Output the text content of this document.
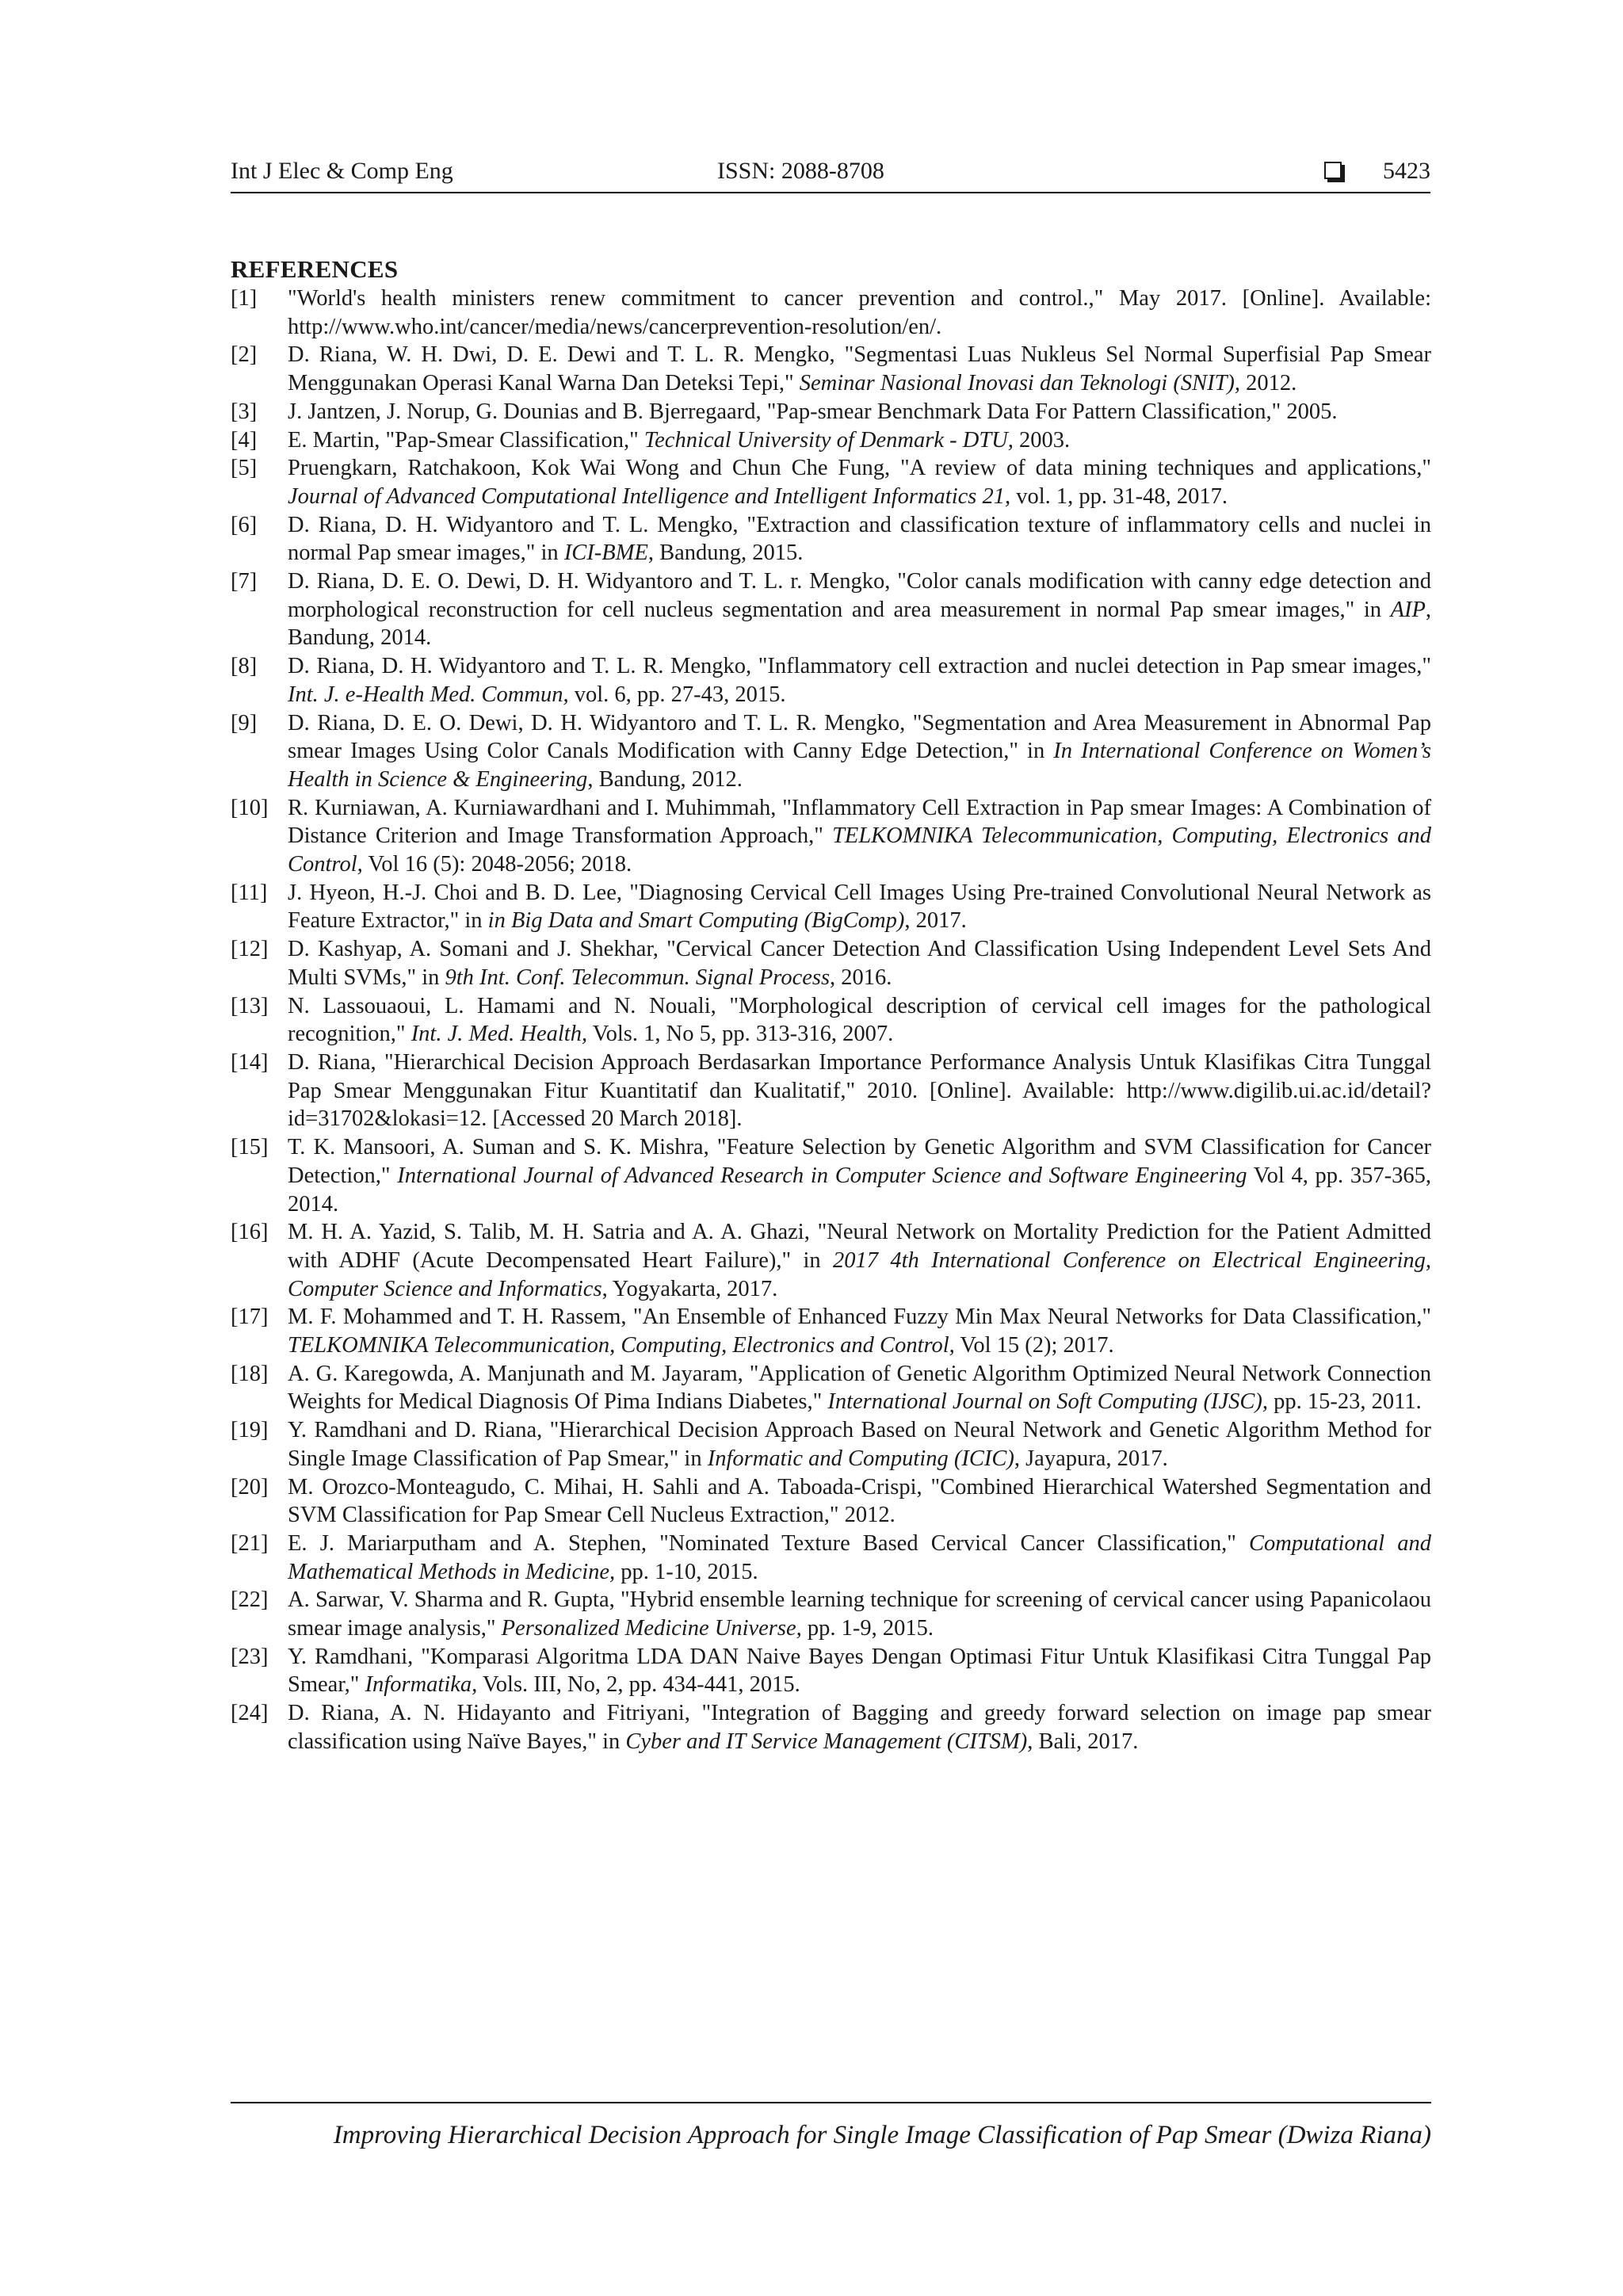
Int J Elec & Comp Eng	ISSN: 2088-8708	5423
REFERENCES
[1]	"World's health ministers renew commitment to cancer prevention and control.," May 2017. [Online]. Available: http://www.who.int/cancer/media/news/cancerprevention-resolution/en/.
[2]	D. Riana, W. H. Dwi, D. E. Dewi and T. L. R. Mengko, "Segmentasi Luas Nukleus Sel Normal Superfisial Pap Smear Menggunakan Operasi Kanal Warna Dan Deteksi Tepi," Seminar Nasional Inovasi dan Teknologi (SNIT), 2012.
[3]	J. Jantzen, J. Norup, G. Dounias and B. Bjerregaard, "Pap-smear Benchmark Data For Pattern Classification," 2005.
[4]	E. Martin, "Pap-Smear Classification," Technical University of Denmark - DTU, 2003.
[5]	Pruengkarn, Ratchakoon, Kok Wai Wong and Chun Che Fung, "A review of data mining techniques and applications," Journal of Advanced Computational Intelligence and Intelligent Informatics 21, vol. 1, pp. 31-48, 2017.
[6]	D. Riana, D. H. Widyantoro and T. L. Mengko, "Extraction and classification texture of inflammatory cells and nuclei in normal Pap smear images," in ICI-BME, Bandung, 2015.
[7]	D. Riana, D. E. O. Dewi, D. H. Widyantoro and T. L. r. Mengko, "Color canals modification with canny edge detection and morphological reconstruction for cell nucleus segmentation and area measurement in normal Pap smear images," in AIP, Bandung, 2014.
[8]	D. Riana, D. H. Widyantoro and T. L. R. Mengko, "Inflammatory cell extraction and nuclei detection in Pap smear images," Int. J. e-Health Med. Commun, vol. 6, pp. 27-43, 2015.
[9]	D. Riana, D. E. O. Dewi, D. H. Widyantoro and T. L. R. Mengko, "Segmentation and Area Measurement in Abnormal Pap smear Images Using Color Canals Modification with Canny Edge Detection," in In International Conference on Women’s Health in Science & Engineering, Bandung, 2012.
[10] R. Kurniawan, A. Kurniawardhani and I. Muhimmah, "Inflammatory Cell Extraction in Pap smear Images: A Combination of Distance Criterion and Image Transformation Approach," TELKOMNIKA Telecommunication, Computing, Electronics and Control, Vol 16 (5): 2048-2056; 2018.
[11] J. Hyeon, H.-J. Choi and B. D. Lee, "Diagnosing Cervical Cell Images Using Pre-trained Convolutional Neural Network as Feature Extractor," in in Big Data and Smart Computing (BigComp), 2017.
[12] D. Kashyap, A. Somani and J. Shekhar, "Cervical Cancer Detection And Classification Using Independent Level Sets And Multi SVMs," in 9th Int. Conf. Telecommun. Signal Process, 2016.
[13] N. Lassouaoui, L. Hamami and N. Nouali, "Morphological description of cervical cell images for the pathological recognition," Int. J. Med. Health, Vols. 1, No 5, pp. 313-316, 2007.
[14] D. Riana, "Hierarchical Decision Approach Berdasarkan Importance Performance Analysis Untuk Klasifikas Citra Tunggal Pap Smear Menggunakan Fitur Kuantitatif dan Kualitatif," 2010. [Online]. Available: http://www.digilib.ui.ac.id/detail?id=31702&lokasi=12. [Accessed 20 March 2018].
[15] T. K. Mansoori, A. Suman and S. K. Mishra, "Feature Selection by Genetic Algorithm and SVM Classification for Cancer Detection," International Journal of Advanced Research in Computer Science and Software Engineering Vol 4, pp. 357-365, 2014.
[16] M. H. A. Yazid, S. Talib, M. H. Satria and A. A. Ghazi, "Neural Network on Mortality Prediction for the Patient Admitted with ADHF (Acute Decompensated Heart Failure)," in 2017 4th International Conference on Electrical Engineering, Computer Science and Informatics, Yogyakarta, 2017.
[17] M. F. Mohammed and T. H. Rassem, "An Ensemble of Enhanced Fuzzy Min Max Neural Networks for Data Classification," TELKOMNIKA Telecommunication, Computing, Electronics and Control, Vol 15 (2); 2017.
[18] A. G. Karegowda, A. Manjunath and M. Jayaram, "Application of Genetic Algorithm Optimized Neural Network Connection Weights for Medical Diagnosis Of Pima Indians Diabetes," International Journal on Soft Computing (IJSC), pp. 15-23, 2011.
[19] Y. Ramdhani and D. Riana, "Hierarchical Decision Approach Based on Neural Network and Genetic Algorithm Method for Single Image Classification of Pap Smear," in Informatic and Computing (ICIC), Jayapura, 2017.
[20] M. Orozco-Monteagudo, C. Mihai, H. Sahli and A. Taboada-Crispi, "Combined Hierarchical Watershed Segmentation and SVM Classification for Pap Smear Cell Nucleus Extraction," 2012.
[21] E. J. Mariarputham and A. Stephen, "Nominated Texture Based Cervical Cancer Classification," Computational and Mathematical Methods in Medicine, pp. 1-10, 2015.
[22] A. Sarwar, V. Sharma and R. Gupta, "Hybrid ensemble learning technique for screening of cervical cancer using Papanicolaou smear image analysis," Personalized Medicine Universe, pp. 1-9, 2015.
[23] Y. Ramdhani, "Komparasi Algoritma LDA DAN Naive Bayes Dengan Optimasi Fitur Untuk Klasifikasi Citra Tunggal Pap Smear," Informatika, Vols. III, No, 2, pp. 434-441, 2015.
[24] D. Riana, A. N. Hidayanto and Fitriyani, "Integration of Bagging and greedy forward selection on image pap smear classification using Naïve Bayes," in Cyber and IT Service Management (CITSM), Bali, 2017.
Improving Hierarchical Decision Approach for Single Image Classification of Pap Smear (Dwiza Riana)
